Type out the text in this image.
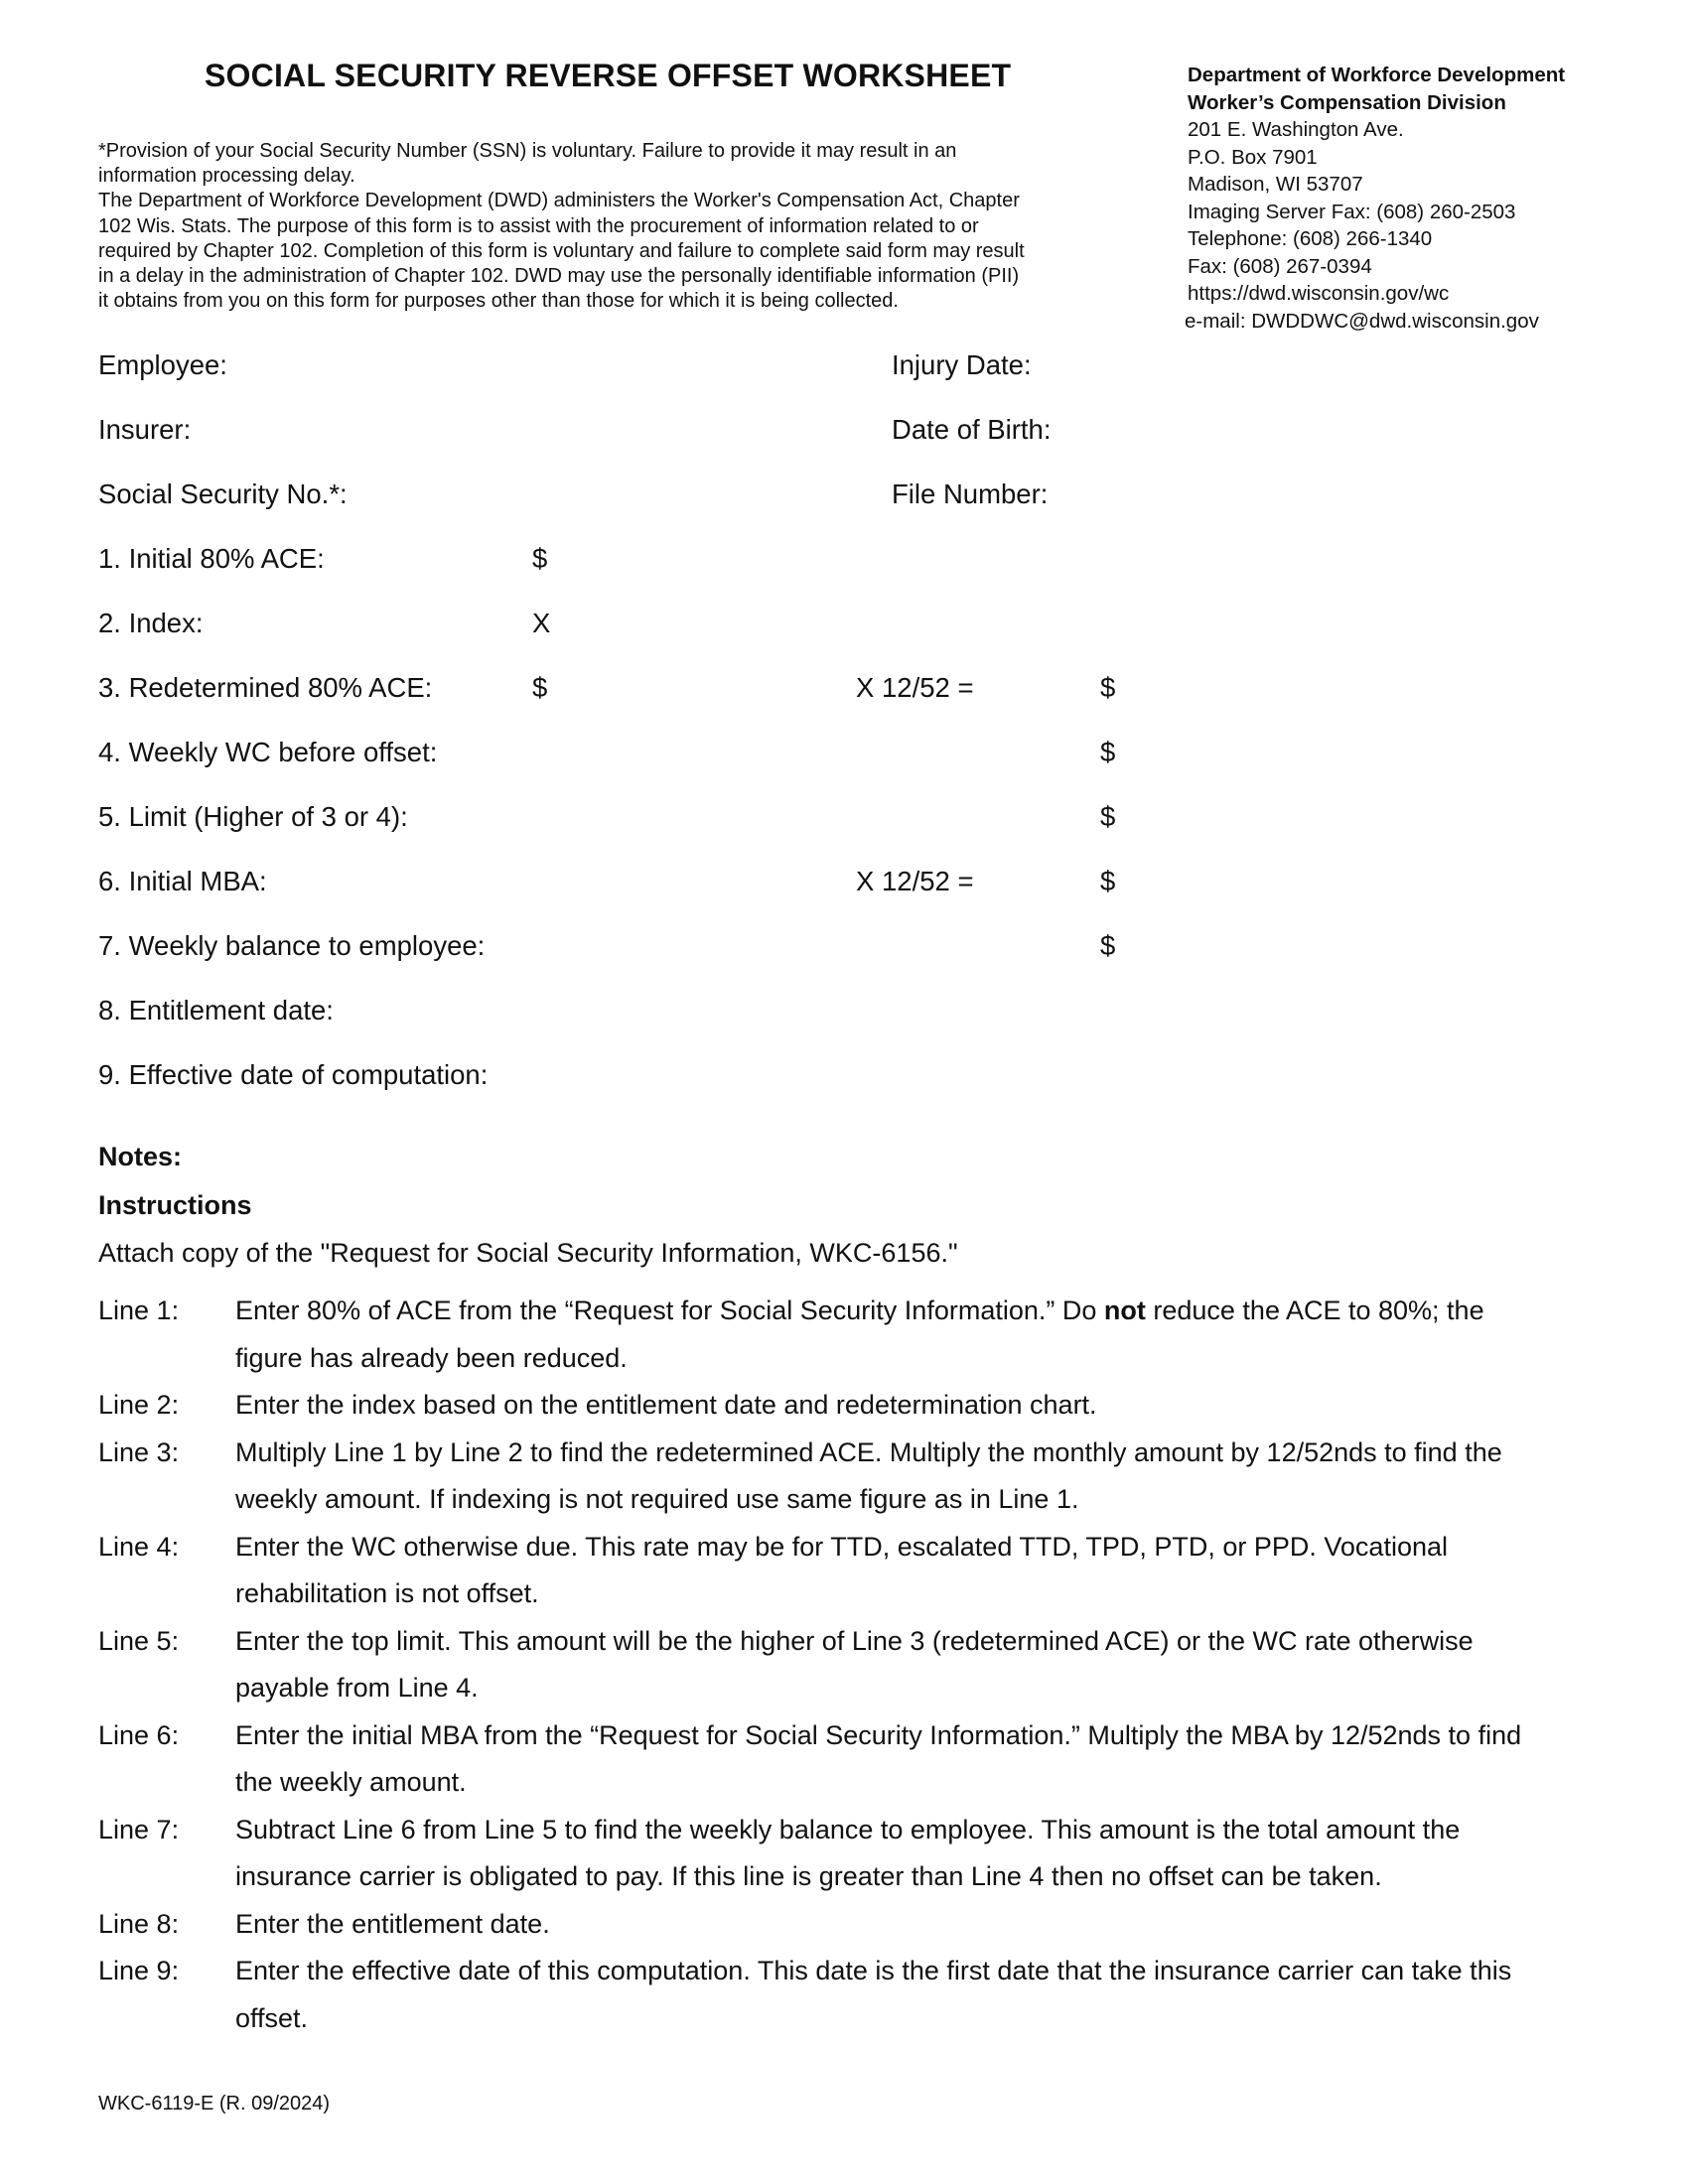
SOCIAL SECURITY REVERSE OFFSET WORKSHEET	Department of Workforce Development
Worker’s Compensation Division
201 E. Washington Ave.
P.O. Box 7901
Madison, WI 53707
Imaging Server Fax: (608) 260-2503
Telephone: (608) 266-1340
Fax: (608) 267-0394
https://dwd.wisconsin.gov/wc
e-mail: DWDDWC@dwd.wisconsin.gov
*Provision of your Social Security Number (SSN) is voluntary. Failure to provide it may result in an
information processing delay.
The Department of Workforce Development (DWD) administers the Worker's Compensation Act, Chapter
102 Wis. Stats. The purpose of this form is to assist with the procurement of information related to or
required by Chapter 102. Completion of this form is voluntary and failure to complete said form may result
in a delay in the administration of Chapter 102. DWD may use the personally identifiable information (PII)
it obtains from you on this form for purposes other than those for which it is being collected.
Employee:	Injury Date:
Insurer:	Date of Birth:
Social Security No.*:	File Number:
1. Initial 80% ACE:	$
2. Index:	X
3. Redetermined 80% ACE:	$	X 12/52 =	$
4. Weekly WC before offset:	$
5. Limit (Higher of 3 or 4):	$
6. Initial MBA:	X 12/52 =	$
7. Weekly balance to employee:	$
8. Entitlement date:
9. Effective date of computation:
Notes:
Instructions
Attach copy of the "Request for Social Security Information, WKC-6156."
Line 1: Enter 80% of ACE from the “Request for Social Security Information.” Do not reduce the ACE to 80%; the
figure has already been reduced.
Line 2: Enter the index based on the entitlement date and redetermination chart.
Line 3: Multiply Line 1 by Line 2 to find the redetermined ACE. Multiply the monthly amount by 12/52nds to find the
weekly amount. If indexing is not required use same figure as in Line 1.
Line 4: Enter the WC otherwise due. This rate may be for TTD, escalated TTD, TPD, PTD, or PPD. Vocational
rehabilitation is not offset.
Line 5: Enter the top limit. This amount will be the higher of Line 3 (redetermined ACE) or the WC rate otherwise
payable from Line 4.
Line 6: Enter the initial MBA from the “Request for Social Security Information.” Multiply the MBA by 12/52nds to find
the weekly amount.
Line 7: Subtract Line 6 from Line 5 to find the weekly balance to employee. This amount is the total amount the
insurance carrier is obligated to pay. If this line is greater than Line 4 then no offset can be taken.
Line 8: Enter the entitlement date.
Line 9: Enter the effective date of this computation. This date is the first date that the insurance carrier can take this
offset.
WKC-6119-E (R. 09/2024)
